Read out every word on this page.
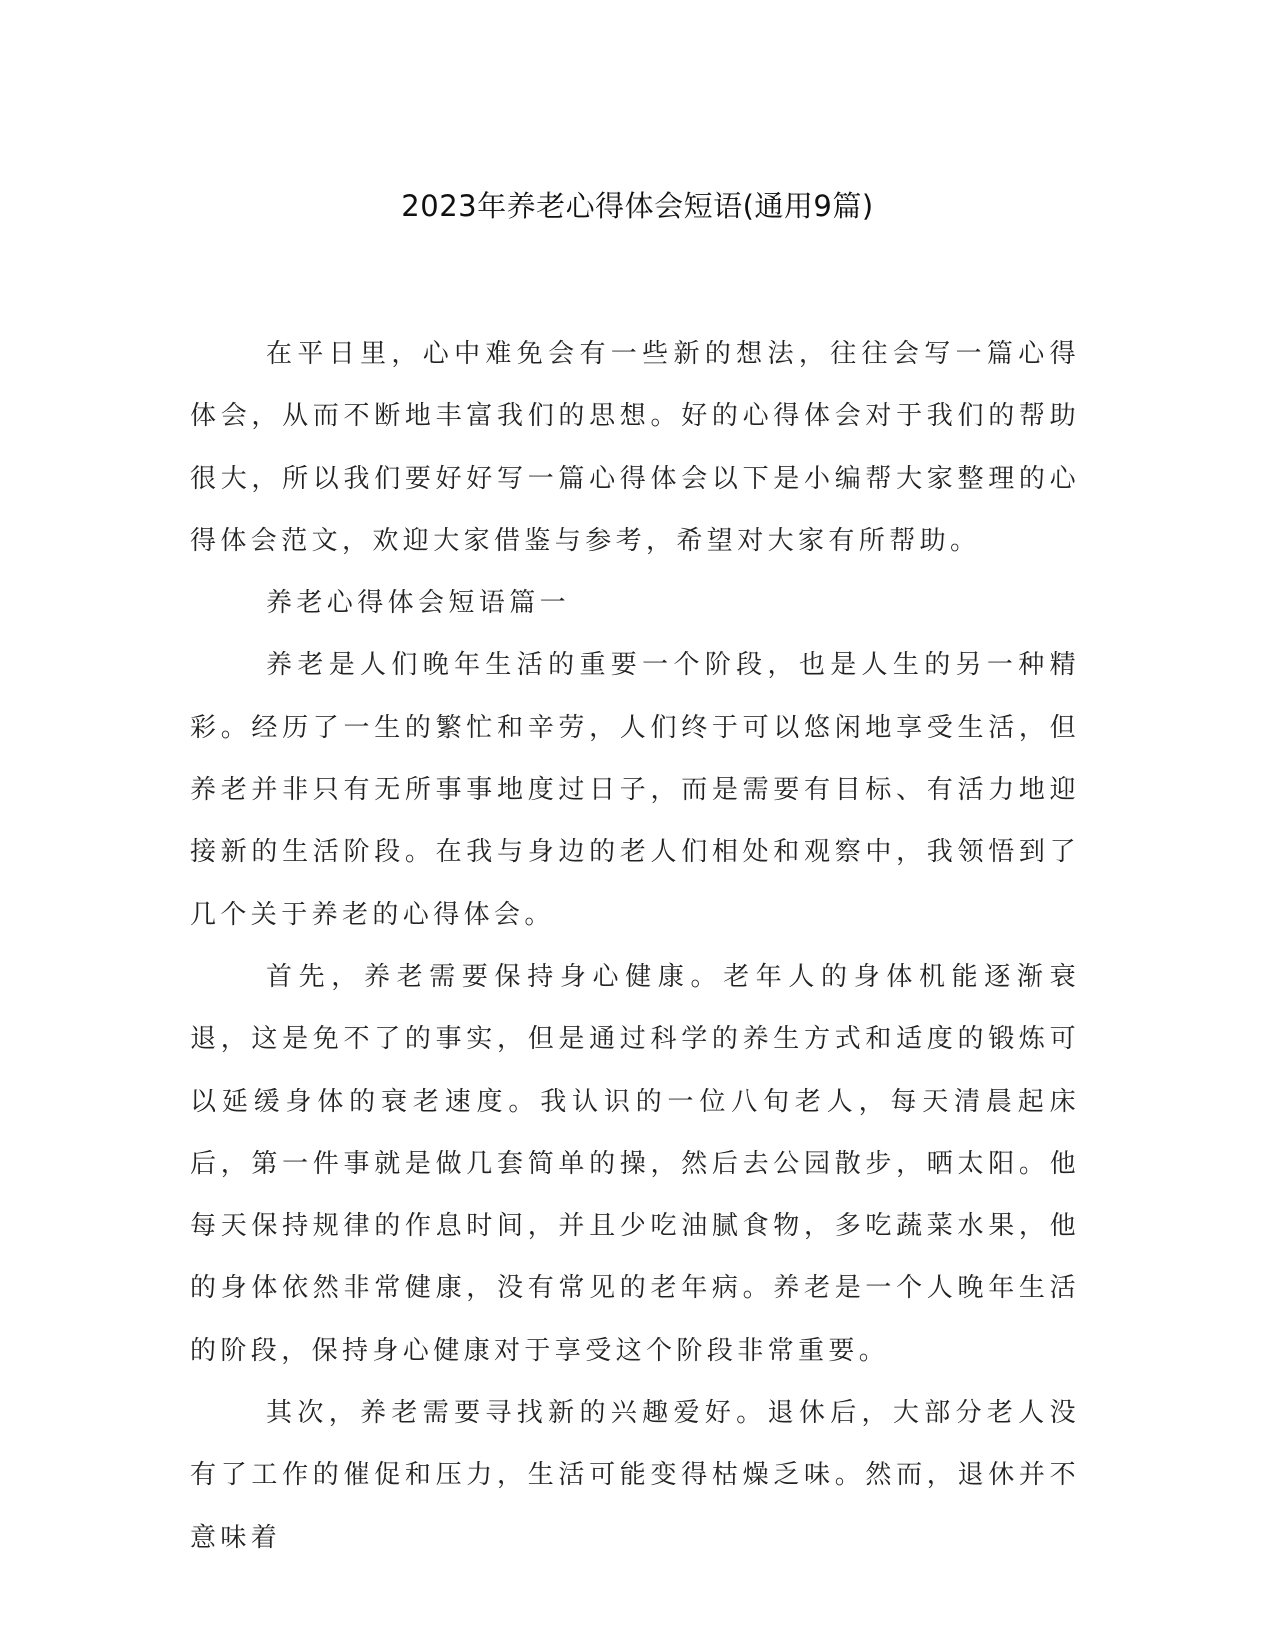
2023年养老心得体会短语(通用9篇)

在平日里，心中难免会有一些新的想法，往往会写一篇心得体会，从而不断地丰富我们的思想。好的心得体会对于我们的帮助很大，所以我们要好好写一篇心得体会以下是小编帮大家整理的心得体会范文，欢迎大家借鉴与参考，希望对大家有所帮助。

养老心得体会短语篇一

养老是人们晚年生活的重要一个阶段，也是人生的另一种精彩。经历了一生的繁忙和辛劳，人们终于可以悠闲地享受生活，但养老并非只有无所事事地度过日子，而是需要有目标、有活力地迎接新的生活阶段。在我与身边的老人们相处和观察中，我领悟到了几个关于养老的心得体会。

首先，养老需要保持身心健康。老年人的身体机能逐渐衰退，这是免不了的事实，但是通过科学的养生方式和适度的锻炼可以延缓身体的衰老速度。我认识的一位八旬老人，每天清晨起床后，第一件事就是做几套简单的操，然后去公园散步，晒太阳。他每天保持规律的作息时间，并且少吃油腻食物，多吃蔬菜水果，他的身体依然非常健康，没有常见的老年病。养老是一个人晚年生活的阶段，保持身心健康对于享受这个阶段非常重要。

其次，养老需要寻找新的兴趣爱好。退休后，大部分老人没有了工作的催促和压力，生活可能变得枯燥乏味。然而，退休并不意味着
